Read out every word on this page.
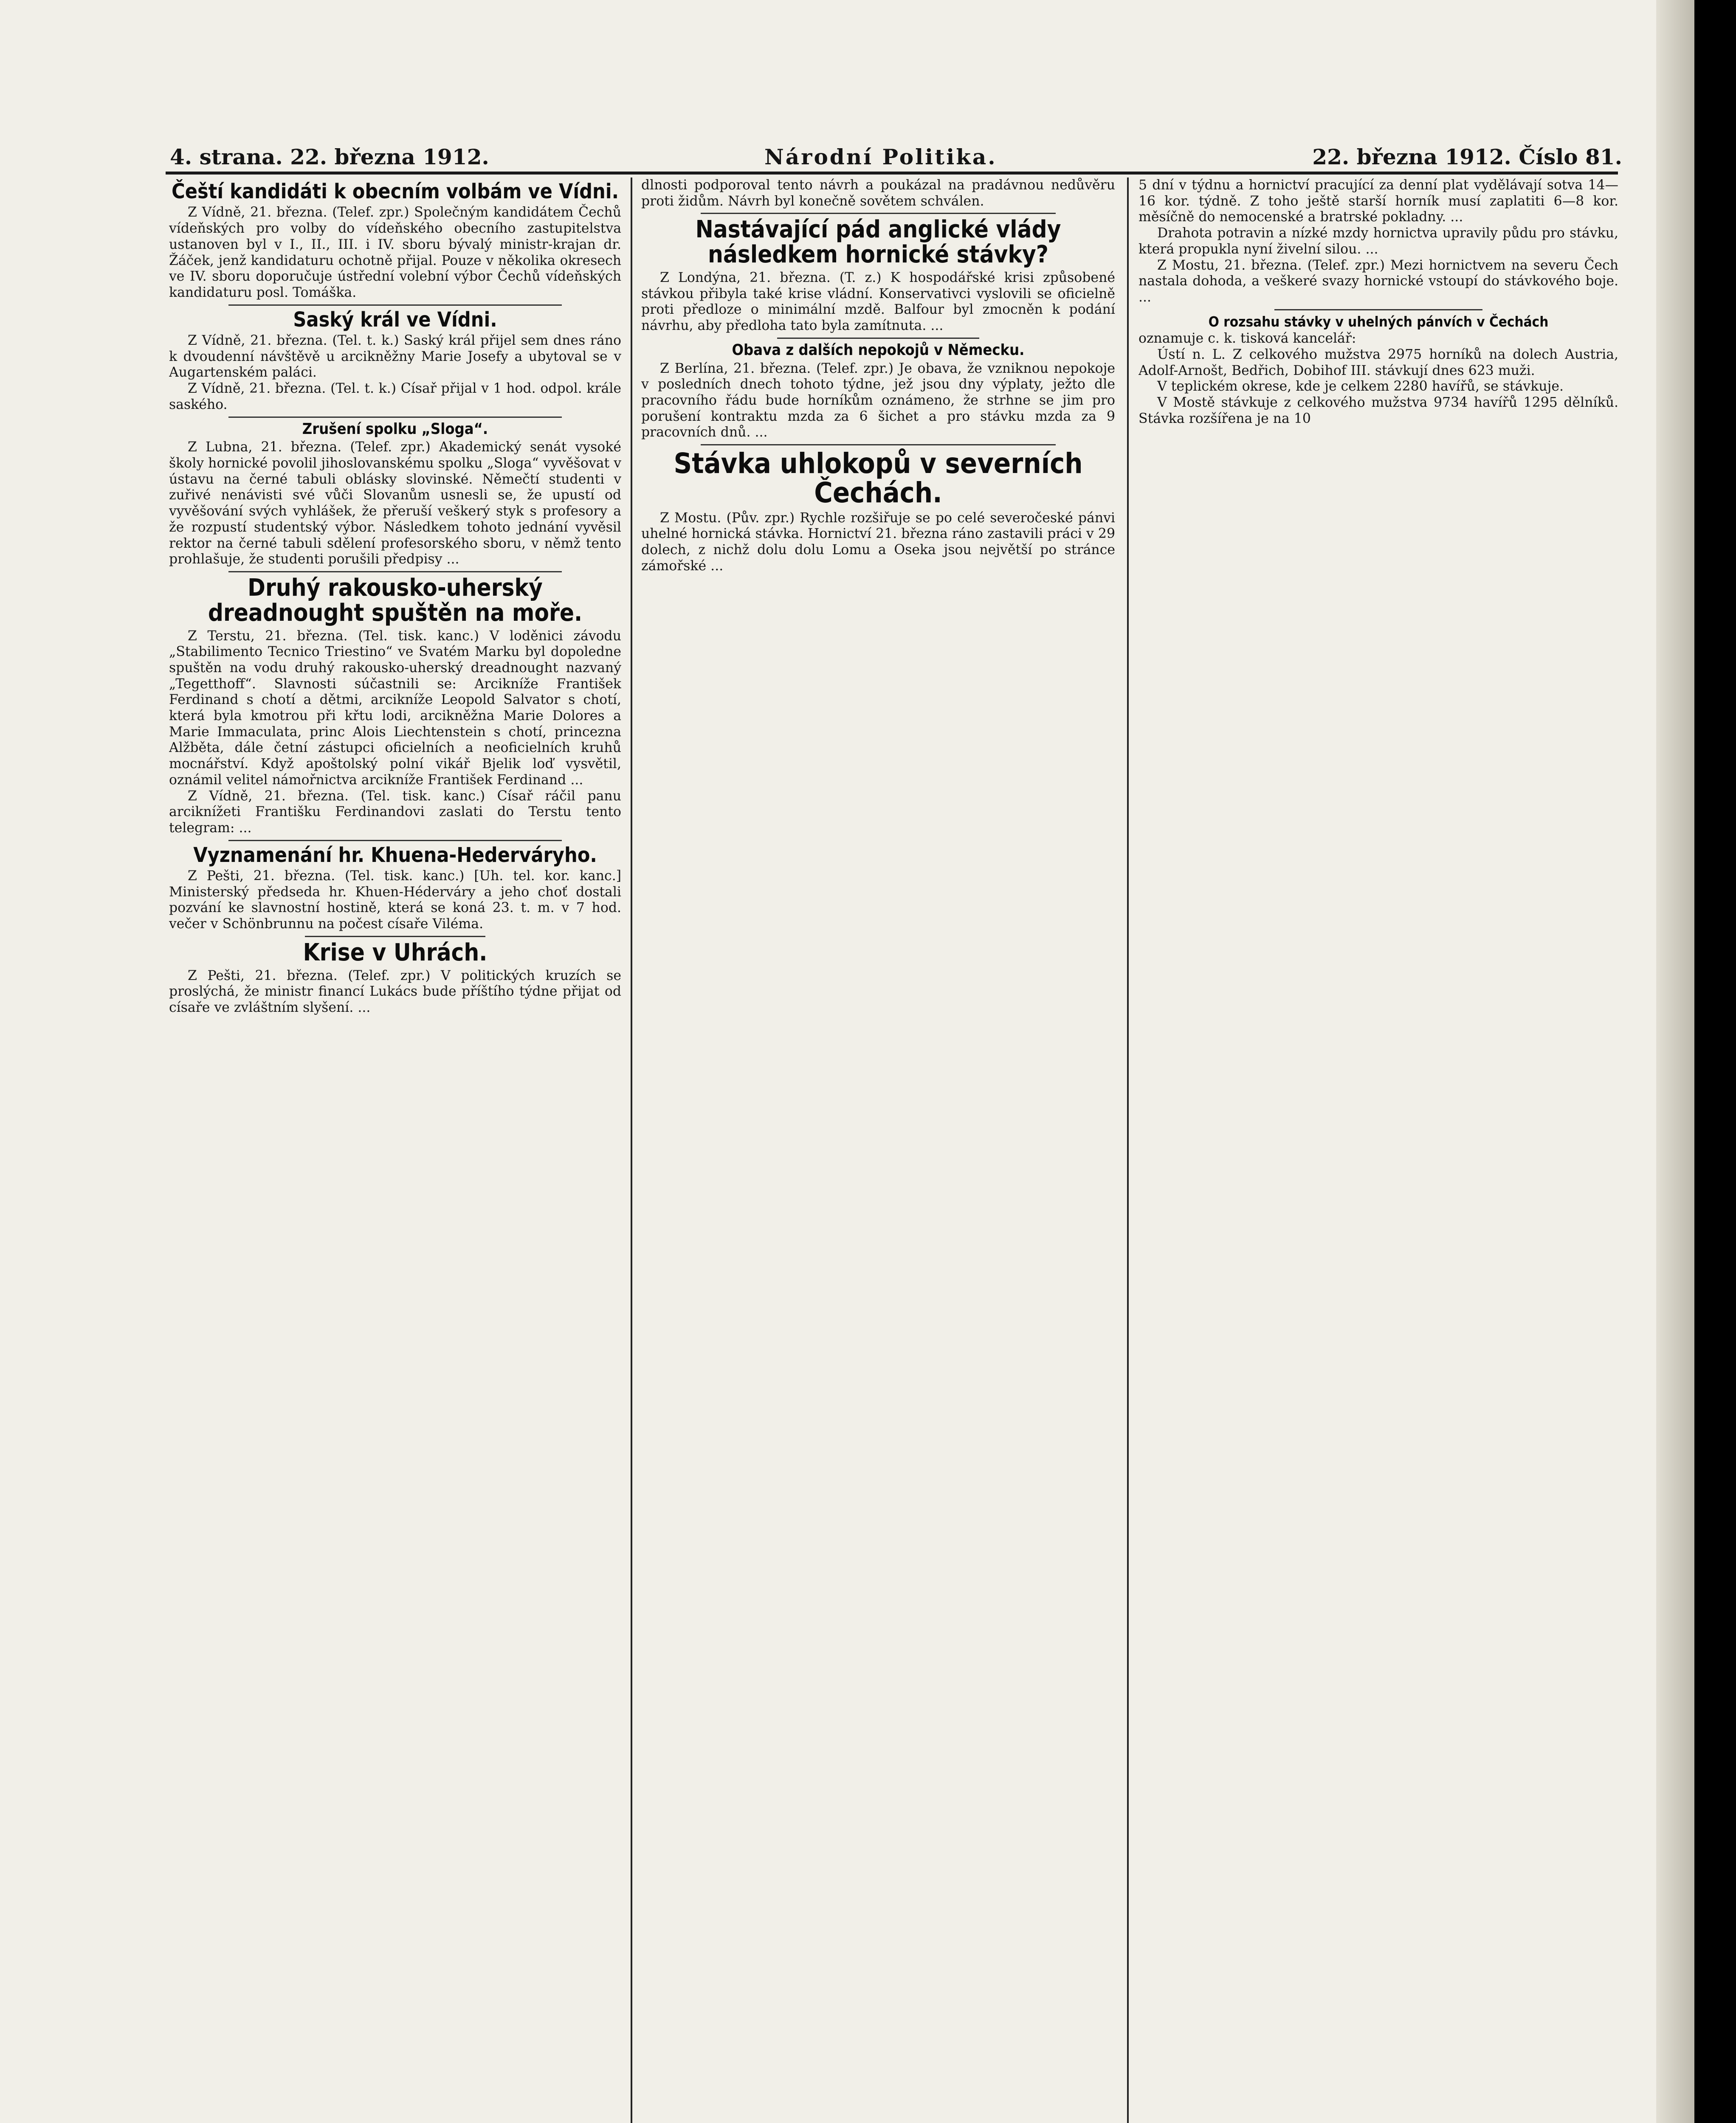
4. strana. 22. března 1912.	Národní Politika.	22. března 1912. Číslo 81.
Čeští kandidáti k obecním volbám ve Vídni.

Z Vídně, 21. března. (Telef. zpr.) Společným kandidátem Čechů vídeňských pro volby do vídeňského obecního zastupitelstva ustanoven byl v I., II., III. i IV. sboru bývalý ministr-krajan dr. Žáček, jenž kandidaturu ochotně přijal. Pouze v několika okresech ve IV. sboru doporučuje ústřední volební výbor Čechů vídeňských kandidaturu posl. Tomáška.

Saský král ve Vídni.

Z Vídně, 21. března. (Tel. t. k.) Saský král přijel sem dnes ráno k dvoudenní návštěvě u arcikněžny Marie Josefy a ubytoval se v Augartenském paláci.

Z Vídně, 21. března. (Tel. t. k.) Císař přijal v 1 hod. odpol. krále saského.

Zrušení spolku „Sloga“.

Z Lubna, 21. března. (Telef. zpr.) Akademický senát vysoké školy hornické povolil jihoslovanskému spolku „Sloga“ vyvěšovat v ústavu na černé tabuli oblásky slovinské. Němečtí studenti v zuřivé nenávisti své vůči Slovanům usnesli se, že upustí od vyvěšování svých vyhlášek, že přeruší veškerý styk s profesory a že rozpustí studentský výbor. Následkem tohoto jednání vyvěsil rektor na černé tabuli sdělení profesorského sboru, v němž tento prohlašuje, že studenti porušili předpisy ...

Druhý rakousko-uherský dreadnought spuštěn na moře.

Z Terstu, 21. března. (Tel. tisk. kanc.) V loděnici závodu „Stabilimento Tecnico Triestino“ ve Svatém Marku byl dopoledne spuštěn na vodu druhý rakousko-uherský dreadnought nazvaný „Tegetthoff“. Slavnosti súčastnili se: Arcikníže František Ferdinand s chotí a dětmi, arcikníže Leopold Salvator s chotí, která byla kmotrou při křtu lodi, arcikněžna Marie Dolores a Marie Immaculata, princ Alois Liechtenstein s chotí, princezna Alžběta, dále četní zástupci oficielních a neoficielních kruhů mocnářství. Když apoštolský polní vikář Bjelik loď vysvětil, oznámil velitel námořnictva arcikníže František Ferdinand ...

Z Vídně, 21. března. (Tel. tisk. kanc.) Císař ráčil panu arciknížeti Františku Ferdinandovi zaslati do Terstu tento telegram: ...

Vyznamenání hr. Khuena-Hederváryho.

Z Pešti, 21. března. (Tel. tisk. kanc.) [Uh. tel. kor. kanc.] Ministerský předseda hr. Khuen-Héderváry a jeho choť dostali pozvání ke slavnostní hostině, která se koná 23. t. m. v 7 hod. večer v Schönbrunnu na počest císaře Viléma.

Krise v Uhrách.

Z Pešti, 21. března. (Telef. zpr.) V politických kruzích se proslýchá, že ministr financí Lukács bude příštího týdne přijat od císaře ve zvláštním slyšení. ...

dlnosti podporoval tento návrh a poukázal na pradávnou nedůvěru proti židům. Návrh byl konečně sovětem schválen.

Nastávající pád anglické vlády následkem hornické stávky?

Z Londýna, 21. března. (T. z.) K hospodářské krisi způsobené stávkou přibyla také krise vládní. Konservativci vyslovili se oficielně proti předloze o minimální mzdě. Balfour byl zmocněn k podání návrhu, aby předloha tato byla zamítnuta. ...

Obava z dalších nepokojů v Německu.

Z Berlína, 21. března. (Telef. zpr.) Je obava, že vzniknou nepokoje v posledních dnech tohoto týdne, jež jsou dny výplaty, ježto dle pracovního řádu bude horníkům oznámeno, že strhne se jim pro porušení kontraktu mzda za 6 šichet a pro stávku mzda za 9 pracovních dnů. ...

Stávka uhlokopů v severních Čechách.

Z Mostu. (Pův. zpr.) Rychle rozšiřuje se po celé severočeské pánvi uhelné hornická stávka. Hornictví 21. března ráno zastavili práci v 29 dolech, z nichž dolu dolu Lomu a Oseka jsou největší po stránce zámořské ...

5 dní v týdnu a hornictví pracující za denní plat vydělávají sotva 14—16 kor. týdně. Z toho ještě starší horník musí zaplatiti 6—8 kor. měsíčně do nemocenské a bratrské pokladny. ...

Drahota potravin a nízké mzdy hornictva upravily půdu pro stávku, která propukla nyní živelní silou. ...

Z Mostu, 21. března. (Telef. zpr.) Mezi hornictvem na severu Čech nastala dohoda, a veškeré svazy hornické vstoupí do stávkového boje. ...

O rozsahu stávky v uhelných pánvích v Čechách

oznamuje c. k. tisková kancelář:

Ústí n. L. Z celkového mužstva 2975 horníků na dolech Austria, Adolf-Arnošt, Bedřich, Dobihof III. stávkují dnes 623 muži.

V teplickém okrese, kde je celkem 2280 havířů, se stávkuje.

V Mostě stávkuje z celkového mužstva 9734 havířů 1295 dělníků. Stávka rozšířena je na 10
